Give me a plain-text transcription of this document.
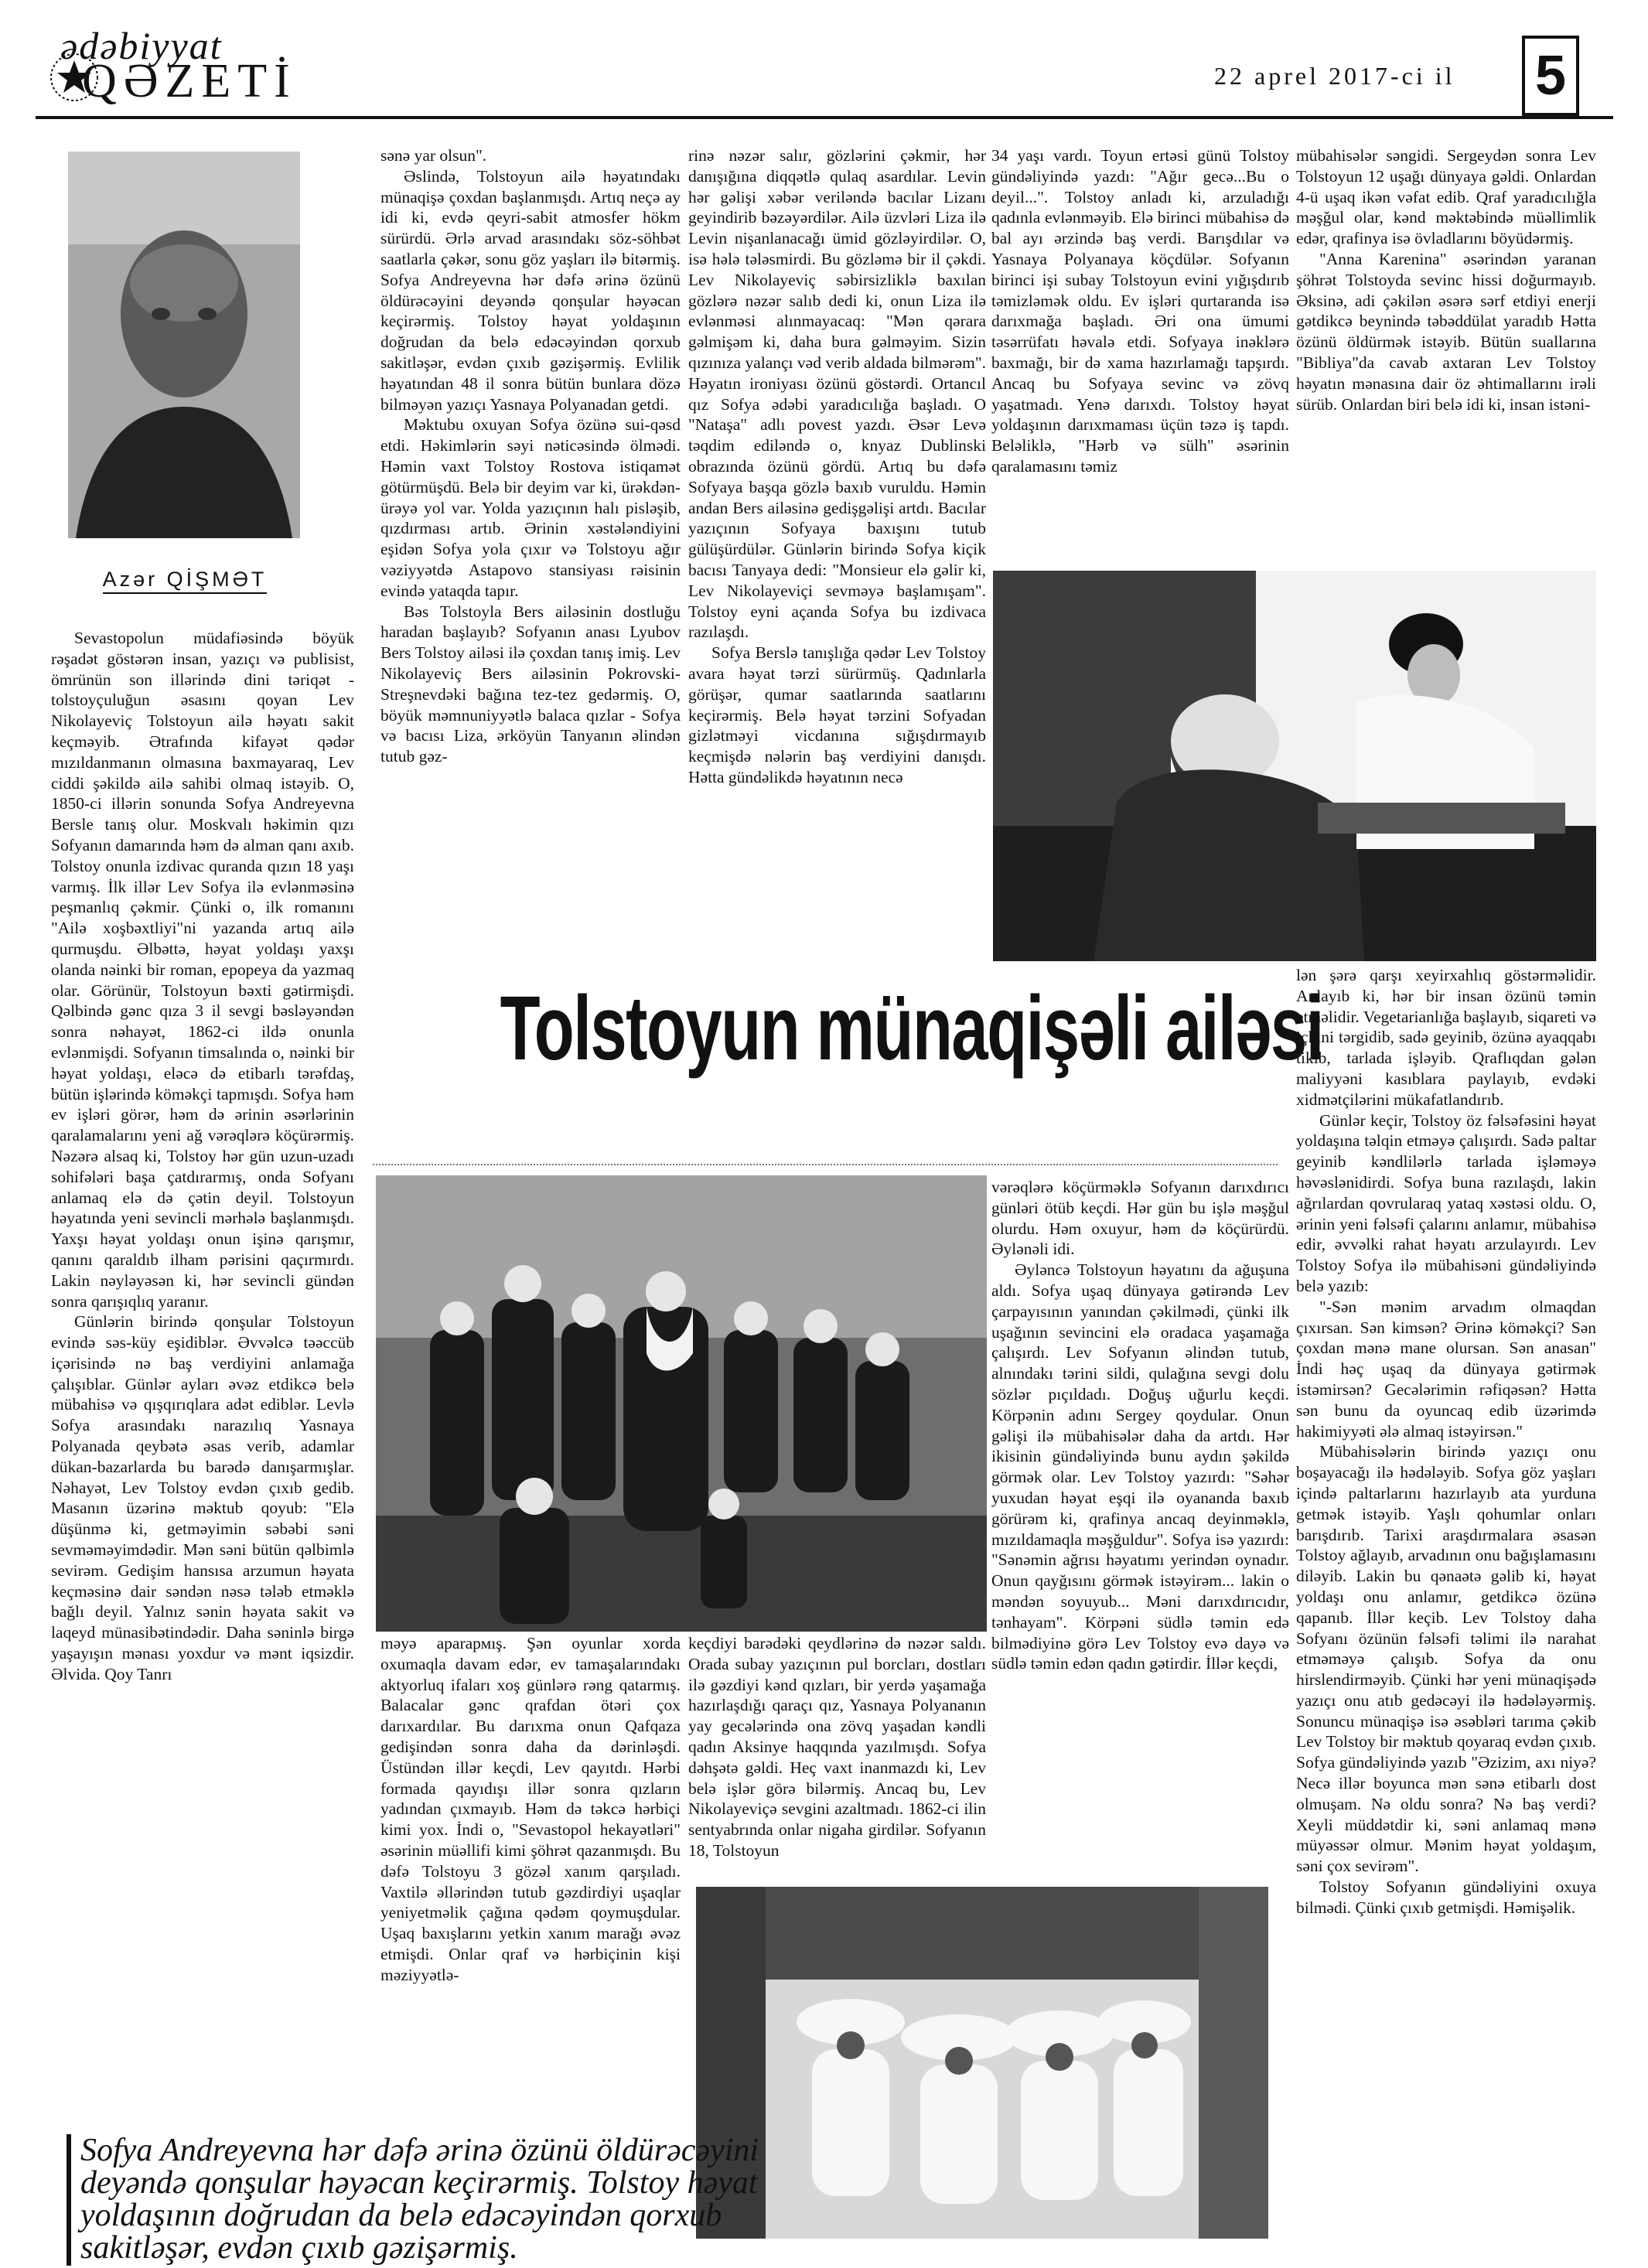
ədəbiyyat
QƏZETİ	22 aprel 2017-ci il 5
Azər QİŞMƏT

Sevastopolun müdafiəsində böyük rəşadət göstərən insan, yazıçı və publisist, ömrünün son illərində dini təriqət - tolstoyçuluğun əsasını qoyan Lev Nikolayeviç Tolstoyun ailə həyatı sakit keçməyib. Ətrafında kifayət qədər mızıldanmanın olmasına baxmayaraq, Lev ciddi şəkildə ailə sahibi olmaq istəyib. O, 1850-ci illərin sonunda Sofya Andreyevna Bersle tanış olur. Moskvalı həkimin qızı Sofyanın damarında həm də alman qanı axıb. Tolstoy onunla izdivac qurandа qızın 18 yaşı varmış. İlk illər Lev Sofya ilə evlənməsinə peşmanlıq çəkmir. Çünki o, ilk romanını "Ailə xoşbəxtliyi"ni yazanda artıq ailə qurmuşdu. Əlbəttə, həyat yoldaşı yaxşı olanda nəinki bir roman, epopeya da yazmaq olar. Görünür, Tolstoyun bəxti gətirmişdi. Qəlbində gənc qıza 3 il sevgi bəsləyəndən sonra nəhayət, 1862-ci ildə onunla evlənmişdi. Sofyanın timsalında o, nəinki bir həyat yoldaşı, eləcə də etibarlı tərəfdaş, bütün işlərində köməkçi tapmışdı. Sofya həm ev işləri görər, həm də ərinin əsərlərinin qaralamalarını yeni ağ vərəqlərə köçürərmiş. Nəzərə alsaq ki, Tolstoy hər gün uzun-uzadı sohifələri başa çatdırarmış, onda Sofyanı anlamaq elə də çətin deyil. Tolstoyun həyatında yeni sevincli mərhələ başlanmışdı. Yaxşı həyat yoldaşı onun işinə qarışmır, qanını qaraldıb ilham pərisini qaçırmırdı. Lakin nəyləyəsən ki, hər sevincli gündən sonra qarışıqlıq yaranır.

Günlərin birində qonşular Tolstoyun evində səs-küy eşidiblər. Əvvəlcə təəccüb içərisində nə baş verdiyini anlamağa çalışıblar. Günlər ayları əvəz etdikcə belə mübahisə və qışqırıqlara adət ediblər. Levlə Sofya arasındakı narazılıq Yasnaya Polyanada qeybətə əsas verib, adamlar dükan-bazarlarda bu barədə danışarmışlar. Nəhayət, Lev Tolstoy evdən çıxıb gedib. Masanın üzərinə məktub qoyub: "Elə düşünmə ki, getməyimin səbəbi səni sevməməyimdədir. Mən səni bütün qəlbimlə sevirəm. Gedişim hansısa arzumun həyata keçməsinə dair səndən nəsə tələb etməklə bağlı deyil. Yalnız sənin həyata sakit və laqeyd münasibətindədir. Daha səninlə birgə yaşayışın mənası yoxdur və mənt iqsizdir. Əlvida. Qoy Tanrı

sənə yar olsun".

Əslində, Tolstoyun ailə həyatındakı münaqişə çoxdan başlanmışdı. Artıq neçə ay idi ki, evdə qeyri-sabit atmosfer hökm sürürdü. Ərlə arvad arasındakı söz-söhbət saatlarla çəkər, sonu göz yaşları ilə bitərmiş. Sofya Andreyevna hər dəfə ərinə özünü öldürəcəyini deyəndə qonşular həyəcan keçirərmiş. Tolstoy həyat yoldaşının doğrudan da belə edəcəyindən qorxub sakitləşər, evdən çıxıb gəzişərmiş. Evlilik həyatından 48 il sonra bütün bunlara dözə bilməyən yazıçı Yasnaya Polyanadan getdi.

Məktubu oxuyan Sofya özünə sui-qəsd etdi. Həkimlərin səyi nəticəsində ölmədi. Həmin vaxt Tolstoy Rostova istiqamət götürmüşdü. Belə bir deyim var ki, ürəkdən-ürəyə yol var. Yolda yazıçının halı pisləşib, qızdırması artıb. Ərinin xəstələndiyini eşidən Sofya yola çıxır və Tolstoyu ağır vəziyyətdə Astapovo stansiyası rəisinin evində yataqda tapır.

Bəs Tolstoyla Bers ailəsinin dostluğu haradan başlayıb? Sofyanın anası Lyubov Bers Tolstoy ailəsi ilə çoxdan tanış imiş. Lev Nikolayeviç Bers ailəsinin Pokrovski-Streşnevdəki bağına tez-tez gedərmiş. O, böyük məmnuniyyətlə balaca qızlar - Sofya və bacısı Liza, ərköyün Tanyanın əlindən tutub gəz-

rinə nəzər salır, gözlərini çəkmir, hər danışığına diqqətlə qulaq asardılar. Levin hər gəlişi xəbər veriləndə bacılar Lizanı geyindirib bəzəyərdilər. Ailə üzvləri Liza ilə Levin nişanlanacağı ümid gözləyirdilər. O, isə hələ tələsmirdi. Bu gözləmə bir il çəkdi. Lev Nikolayeviç səbirsizliklə baxılan gözlərə nəzər salıb dedi ki, onun Liza ilə evlənməsi alınmayacaq: "Mən qərara gəlmişəm ki, daha bura gəlməyim. Sizin qızınıza yalançı vəd verib aldada bilmərəm". Həyatın ironiyası özünü göstərdi. Ortancıl qız Sofya ədəbi yaradıcılığa başladı. O "Nataşa" adlı povest yazdı. Əsər Levə təqdim ediləndə o, knyaz Dublinski obrazında özünü gördü. Artıq bu dəfə Sofyaya başqa gözlə baxıb vuruldu. Həmin andan Bers ailəsinə gedişgəlişi artdı. Bacılar yazıçının Sofyaya baxışını tutub gülüşürdülər. Günlərin birində Sofya kiçik bacısı Tanyaya dedi: "Monsieur elə gəlir ki, Lev Nikolayeviçi sevməyə başlamışam". Tolstoy eyni açanda Sofya bu izdivaca razılaşdı.

Sofya Berslə tanışlığa qədər Lev Tolstoy avara həyat tərzi sürürmüş. Qadınlarla görüşər, qumar saatlarında saatlarını keçirərmiş. Belə həyat tərzini Sofyadan gizlətməyi vicdanına sığışdırmayıb keçmişdə nələrin baş verdiyini danışdı. Hətta gündəlikdə həyatının necə

34 yaşı vardı. Toyun ertəsi günü Tolstoy gündəliyində yazdı: "Ağır gecə...Bu o deyil...". Tolstoy anladı ki, arzuladığı qadınla evlənməyib. Elə birinci mübahisə də bal ayı ərzində baş verdi. Barışdılar və Yasnaya Polyanaya köçdülər. Sofyanın birinci işi subay Tolstoyun evini yığışdırıb təmizləmək oldu. Ev işləri qurtaranda isə darıxmağa başladı. Əri ona ümumi təsərrüfatı həvalə etdi. Sofyaya inəklərə baxmağı, bir də xama hazırlamağı tapşırdı. Ancaq bu Sofyaya sevinc və zövq yaşatmadı. Yenə darıxdı. Tolstoy həyat yoldaşının darıxmaması üçün təzə iş tapdı. Beləliklə, "Hərb və sülh" əsərinin qaralamasını təmiz

mübahisələr səngidi. Sergeydən sonra Lev Tolstoyun 12 uşağı dünyaya gəldi. Onlardan 4-ü uşaq ikən vəfat edib. Qraf yaradıcılığla məşğul olar, kənd məktəbində müəllimlik edər, qrafinya isə övladlarını böyüdərmiş.

"Anna Karenina" əsərindən yaranan şöhrət Tolstoyda sevinc hissi doğurmayıb. Əksinə, adi çəkilən əsərə sərf etdiyi enerji gətdikcə beynində təbəddülat yaradıb Hətta özünü öldürmək istəyib. Bütün suallarına "Bibliya"da cavab axtaran Lev Tolstoy həyatın mənasına dair öz əhtimallarını irəli sürüb. Onlardan biri belə idi ki, insan istəni-

lən şərə qarşı xeyirxahlıq göstərməlidir. Anlayıb ki, hər bir insan özünü təmin etməlidir. Vegetarianlığa başlayıb, siqareti və içkini tərgidib, sadə geyinib, özünə ayaqqabı tikib, tarlada işləyib. Qraflıqdan gələn maliyyəni kasıblara paylayıb, evdəki xidmətçilərini mükafatlandırıb.

Günlər keçir, Tolstoy öz fəlsəfəsini həyat yoldaşına təlqin etməyə çalışırdı. Sadə paltar geyinib kəndlilərlə tarlada işləməyə həvəslənidirdi. Sofya buna razılaşdı, lakin ağrılardan qovrularaq yataq xəstəsi oldu. O, ərinin yeni fəlsəfi çalarını anlamır, mübahisə edir, əvvəlki rahat həyatı arzulayırdı. Lev Tolstoy Sofya ilə mübahisəni gündəliyində belə yazıb:

"-Sən mənim arvadım olmaqdan çıxırsan. Sən kimsən? Ərinə köməkçi? Sən çoxdan mənə mane olursan. Sən anasan" İndi həç uşaq da dünyaya gətirmək istəmirsən? Gecələrimin rəfiqəsən? Hətta sən bunu da oyuncaq edib üzərimdə hakimiyyəti ələ almaq istəyirsən."

Mübahisələrin birində yazıçı onu boşayacağı ilə hədələyib. Sofya göz yaşları içində paltarlarını hazırlayıb ata yurduna getmək istəyib. Yaşlı qohumlar onları barışdırıb. Tarixi araşdırmalara əsasən Tolstoy ağlayıb, arvadının onu bağışlamasını diləyib. Lakin bu qənaətə gəlib ki, həyat yoldaşı onu anlamır, getdikcə özünə qapanıb. İllər keçib. Lev Tolstoy daha Sofyanı özünün fəlsəfi təlimi ilə narahat etməməyə çalışıb. Sofya da onu hirslendirməyib. Çünki hər yeni münaqişədə yazıçı onu atıb gedəcəyi ilə hədələyərmiş. Sonuncu münaqişə isə əsəbləri tarıma çəkib Lev Tolstoy bir məktub qoyaraq evdən çıxıb. Sofya gündəliyində yazıb "Əzizim, axı niyə? Necə illər boyunca mən sənə etibarlı dost olmuşam. Nə oldu sonra? Nə baş verdi? Xeyli müddətdir ki, səni anlamaq mənə müyəssər olmur. Mənim həyat yoldaşım, səni çox sevirəm".

Tolstoy Sofyanın gündəliyini oxuya bilmədi. Çünki çıxıb getmişdi. Həmişəlik.

Tolstoyun münaqişəli ailəsi

məyə aparармış. Şən oyunlar xorda oxumaqla davam edər, ev tamaşalarındakı aktyorluq ifaları xoş günlərə rəng qatarmış. Balacalar gənc qrafdan ötəri çox darıxardılar. Bu darıxma onun Qafqaza gedişindən sonra daha da dərinləşdi. Üstündən illər keçdi, Lev qayıtdı. Hərbi formada qayıdışı illər sonra qızların yadından çıxmayıb. Həm də təkcə hərbiçi kimi yox. İndi o, "Sevastopol hekayətləri" əsərinin müəllifi kimi şöhrət qazanmışdı. Bu dəfə Tolstoyu 3 gözəl xanım qarşıladı. Vaxtilə əllərindən tutub gəzdirdiyi uşaqlar yeniyetməlik çağına qədəm qoymuşdular. Uşaq baxışlarını yetkin xanım marağı əvəz etmişdi. Onlar qraf və hərbiçinin kişi məziyyətlə-

keçdiyi barədəki qeydlərinə də nəzər saldı. Orada subay yazıçının pul borcları, dostları ilə gəzdiyi kənd qızları, bir yerdə yaşamağa hazırlaşdığı qaraçı qız, Yasnaya Polyananın yay gecələrində ona zövq yaşadan kəndli qadın Aksinye haqqında yazılmışdı. Sofya dəhşətə gəldi. Heç vaxt inanmazdı ki, Lev belə işlər görə bilərmiş. Ancaq bu, Lev Nikolayeviçə sevgini azaltmadı. 1862-ci ilin sentyabrında onlar nigaha girdilər. Sofyanın 18, Tolstoyun

vərəqlərə köçürməklə Sofyanın darıxdırıcı günləri ötüb keçdi. Hər gün bu işlə məşğul olurdu. Həm oxuyur, həm də köçürürdü. Əylənəli idi.

Əyləncə Tolstoyun həyatını da ağuşuna aldı. Sofya uşaq dünyaya gətirəndə Lev çarpayısının yanından çəkilmədi, çünki ilk uşağının sevincini elə oradaca yaşamağa çalışırdı. Lev Sofyanın əlindən tutub, alnındakı tərini sildi, qulağına sevgi dolu sözlər pıçıldadı. Doğuş uğurlu keçdi. Körpənin adını Sergey qoydular. Onun gəlişi ilə mübahisələr daha da artdı. Hər ikisinin gündəliyində bunu aydın şəkildə görmək olar. Lev Tolstoy yazırdı: "Səhər yuxudan həyat eşqi ilə oyananda baxıb görürəm ki, qrafinya ancaq deyinməklə, mızıldamaqla məşğuldur". Sofya isə yazırdı: "Sənəmin ağrısı həyatımı yerindən oynadır. Onun qayğısını görmək istəyirəm... lakin o məndən soyuyub... Məni darıxdırıcıdır, tənhayam". Körpəni südlə təmin edə bilmədiyinə görə Lev Tolstoy evə dayə və südlə təmin edən qadın gətirdir. İllər keçdi,

Sofya Andreyevna hər dəfə ərinə özünü öldürəcəyini deyəndə qonşular həyəcan keçirərmiş. Tolstoy həyat yoldaşının doğrudan da belə edəcəyindən qorxub sakitləşər, evdən çıxıb gəzişərmiş.
